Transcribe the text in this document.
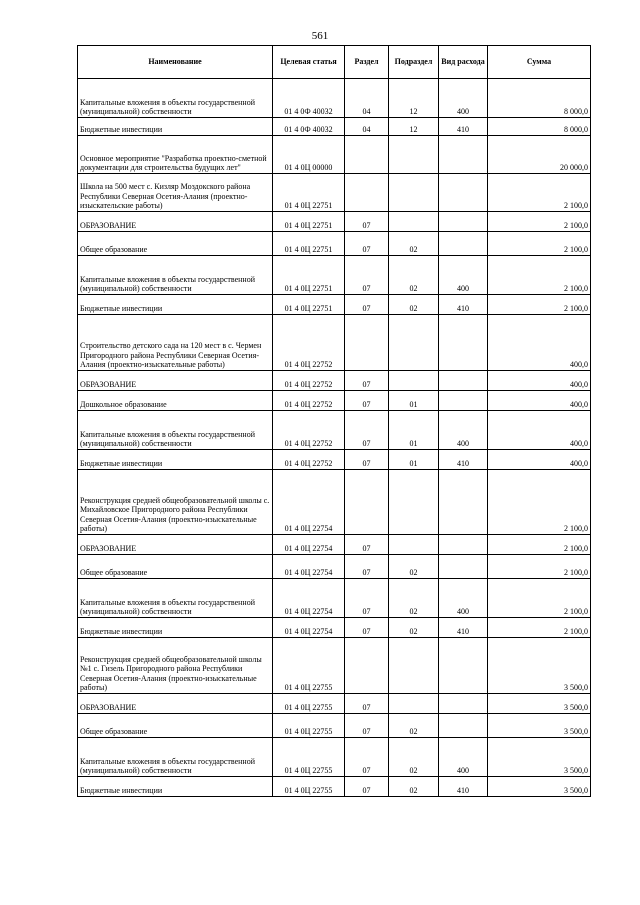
561
Наименование	Целевая статья	Раздел	Подраздел	Вид расхода	Сумма
Капитальные вложения в объекты государственной (муниципальной) собственности	01 4 0Ф 40032	04	12	400	8 000,0
Бюджетные инвестиции	01 4 0Ф 40032	04	12	410	8 000,0
Основное мероприятие "Разработка проектно-сметной документации для строительства будущих лет"	01 4 0Ц 00000				20 000,0
Школа на 500 мест с. Кизляр Моздокского района Республики Северная Осетия-Алания (проектно-изыскательские работы)	01 4 0Ц 22751				2 100,0
ОБРАЗОВАНИЕ	01 4 0Ц 22751	07			2 100,0
Общее образование	01 4 0Ц 22751	07	02		2 100,0
Капитальные вложения в объекты государственной (муниципальной) собственности	01 4 0Ц 22751	07	02	400	2 100,0
Бюджетные инвестиции	01 4 0Ц 22751	07	02	410	2 100,0
Строительство детского сада на 120 мест в с. Чермен Пригородного района Республики Северная Осетия-Алания (проектно-изыскательные работы)	01 4 0Ц 22752				400,0
ОБРАЗОВАНИЕ	01 4 0Ц 22752	07			400,0
Дошкольное образование	01 4 0Ц 22752	07	01		400,0
Капитальные вложения в объекты государственной (муниципальной) собственности	01 4 0Ц 22752	07	01	400	400,0
Бюджетные инвестиции	01 4 0Ц 22752	07	01	410	400,0
Реконструкция средней общеобразовательной школы с. Михайловское Пригородного района Республики Северная Осетия-Алания (проектно-изыскательные работы)	01 4 0Ц 22754				2 100,0
ОБРАЗОВАНИЕ	01 4 0Ц 22754	07			2 100,0
Общее образование	01 4 0Ц 22754	07	02		2 100,0
Капитальные вложения в объекты государственной (муниципальной) собственности	01 4 0Ц 22754	07	02	400	2 100,0
Бюджетные инвестиции	01 4 0Ц 22754	07	02	410	2 100,0
Реконструкция средней общеобразовательной школы №1 с. Гизель Пригородного района Республики Северная Осетия-Алания (проектно-изыскательные работы)	01 4 0Ц 22755				3 500,0
ОБРАЗОВАНИЕ	01 4 0Ц 22755	07			3 500,0
Общее образование	01 4 0Ц 22755	07	02		3 500,0
Капитальные вложения в объекты государственной (муниципальной) собственности	01 4 0Ц 22755	07	02	400	3 500,0
Бюджетные инвестиции	01 4 0Ц 22755	07	02	410	3 500,0
